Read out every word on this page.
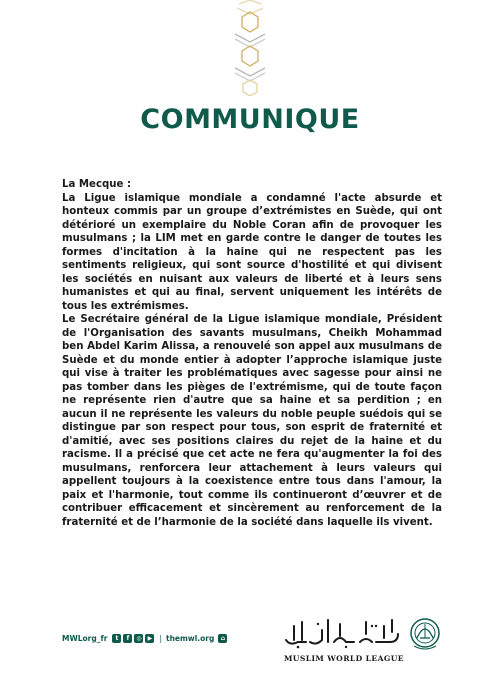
COMMUNIQUE

La Mecque :

La Ligue islamique mondiale a condamné l'acte absurde et honteux commis par un groupe d’extrémistes en Suède, qui ont détérioré un exemplaire du Noble Coran afin de provoquer les musulmans ; la LIM met en garde contre le danger de toutes les formes d'incitation à la haine qui ne respectent pas les sentiments religieux, qui sont source d'hostilité et qui divisent les sociétés en nuisant aux valeurs de liberté et à leurs sens humanistes et qui au final, servent uniquement les intérêts de tous les extrémismes.

Le Secrétaire général de la Ligue islamique mondiale, Président de l'Organisation des savants musulmans, Cheikh Mohammad ben Abdel Karim Alissa, a renouvelé son appel aux musulmans de Suède et du monde entier à adopter l’approche islamique juste qui vise à traiter les problématiques avec sagesse pour ainsi ne pas tomber dans les pièges de l'extrémisme, qui de toute façon ne représente rien d'autre que sa haine et sa perdition ; en aucun il ne représente les valeurs du noble peuple suédois qui se distingue par son respect pour tous, son esprit de fraternité et d'amitié, avec ses positions claires du rejet de la haine et du racisme. Il a précisé que cet acte ne fera qu'augmenter la foi des musulmans, renforcera leur attachement à leurs valeurs qui appellent toujours à la coexistence entre tous dans l'amour, la paix et l'harmonie, tout comme ils continueront d’œuvrer et de contribuer efficacement et sincèrement au renforcement de la fraternité et de l’harmonie de la société dans laquelle ils vivent.

MWLorg_fr	t	f	◎	▶ | themwl.org	⌂
MUSLIM WORLD LEAGUE
